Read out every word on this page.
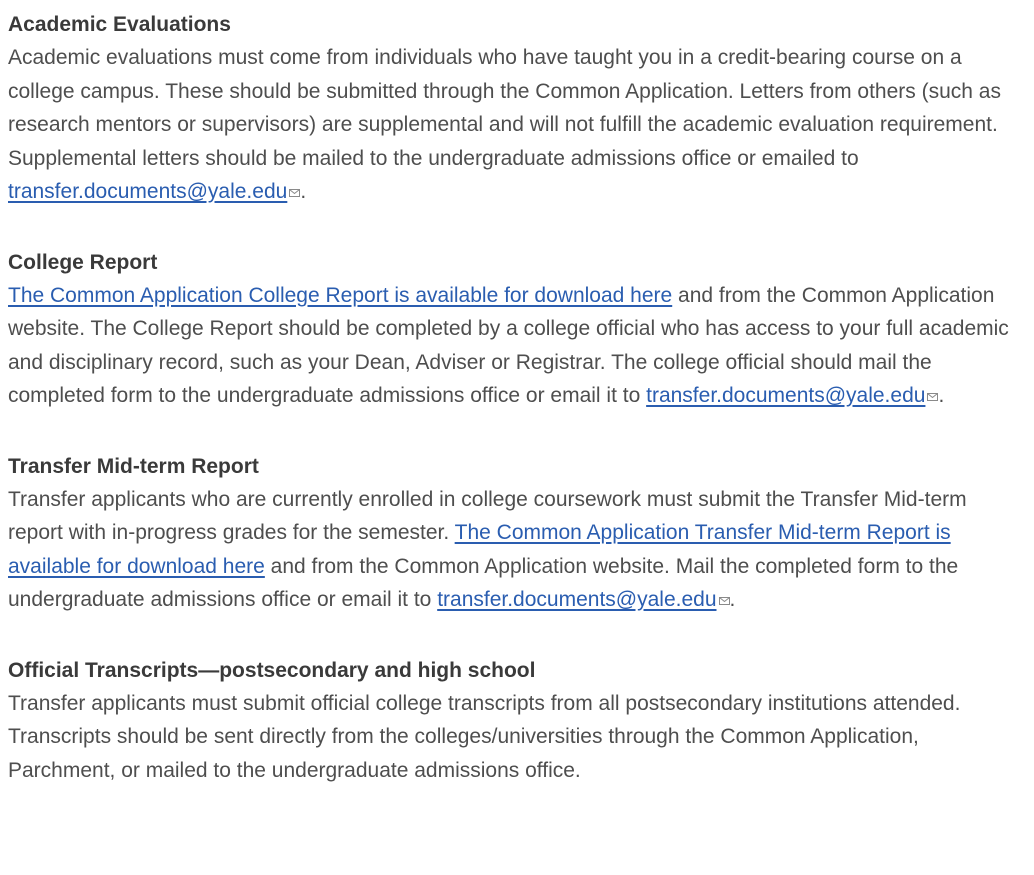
Academic Evaluations

Academic evaluations must come from individuals who have taught you in a credit-bearing course on a college campus. These should be submitted through the Common Application. Letters from others (such as research mentors or supervisors) are supplemental and will not fulfill the academic evaluation requirement. Supplemental letters should be mailed to the undergraduate admissions office or emailed to transfer.documents@yale.edu .

College Report

The Common Application College Report is available for download here and from the Common Application website. The College Report should be completed by a college official who has access to your full academic and disciplinary record, such as your Dean, Adviser or Registrar. The college official should mail the completed form to the undergraduate admissions office or email it to transfer.documents@yale.edu .

Transfer Mid-term Report

Transfer applicants who are currently enrolled in college coursework must submit the Transfer Mid-term report with in-progress grades for the semester. The Common Application Transfer Mid-term Report is available for download here and from the Common Application website. Mail the completed form to the undergraduate admissions office or email it to transfer.documents@yale.edu .

Official Transcripts—postsecondary and high school

Transfer applicants must submit official college transcripts from all postsecondary institutions attended. Transcripts should be sent directly from the colleges/universities through the Common Application, Parchment, or mailed to the undergraduate admissions office.
